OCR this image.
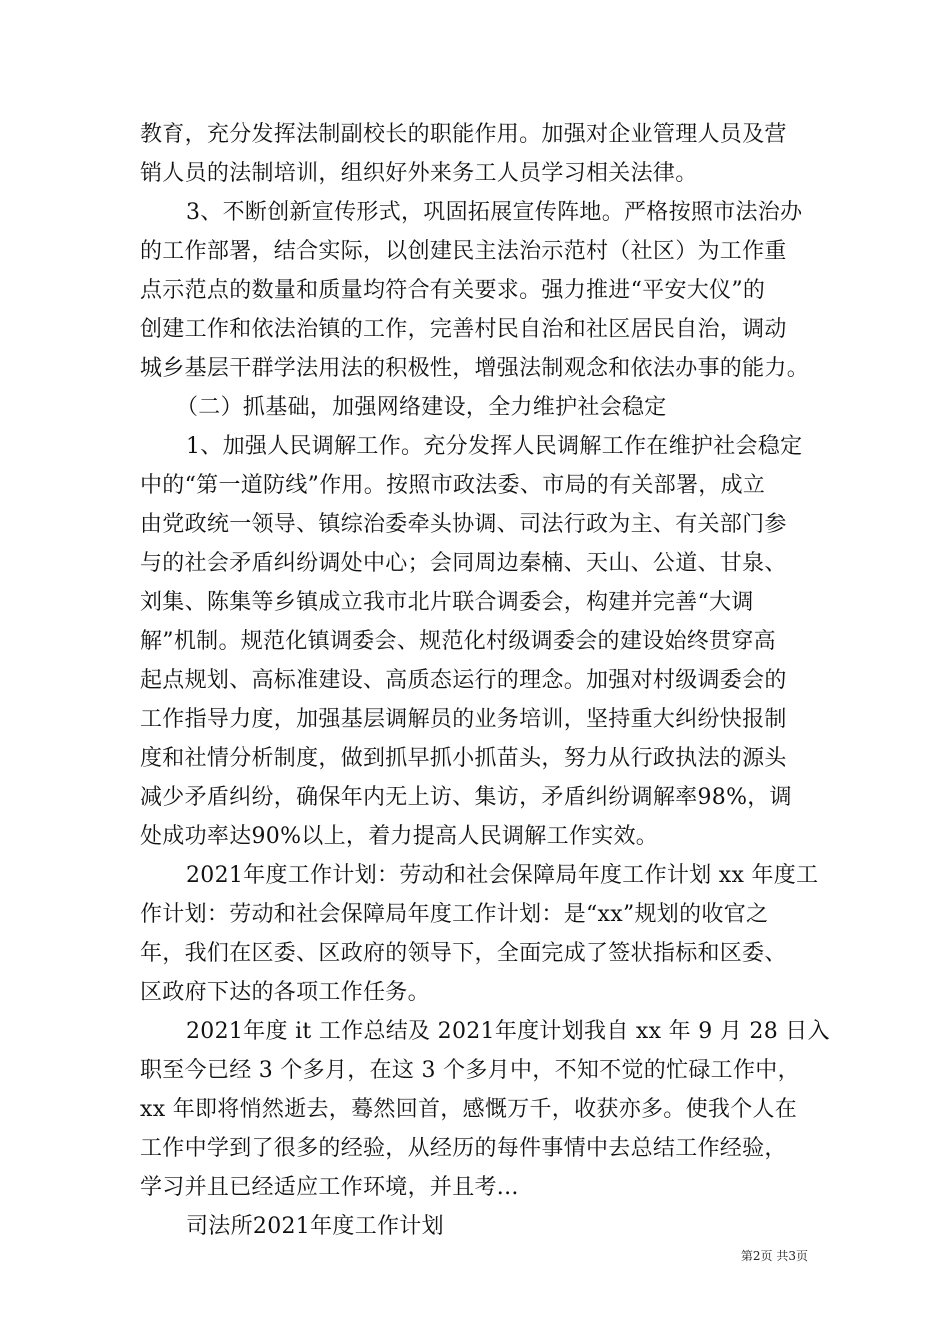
教育，充分发挥法制副校长的职能作用。加强对企业管理人员及营
销人员的法制培训，组织好外来务工人员学习相关法律。
3、不断创新宣传形式，巩固拓展宣传阵地。严格按照市法治办
的工作部署，结合实际，以创建民主法治示范村（社区）为工作重
点示范点的数量和质量均符合有关要求。强力推进“平安大仪”的
创建工作和依法治镇的工作，完善村民自治和社区居民自治，调动
城乡基层干群学法用法的积极性，增强法制观念和依法办事的能力。
（二）抓基础，加强网络建设，全力维护社会稳定
1、加强人民调解工作。充分发挥人民调解工作在维护社会稳定
中的“第一道防线”作用。按照市政法委、市局的有关部署，成立
由党政统一领导、镇综治委牵头协调、司法行政为主、有关部门参
与的社会矛盾纠纷调处中心；会同周边秦楠、天山、公道、甘泉、
刘集、陈集等乡镇成立我市北片联合调委会，构建并完善“大调
解”机制。规范化镇调委会、规范化村级调委会的建设始终贯穿高
起点规划、高标准建设、高质态运行的理念。加强对村级调委会的
工作指导力度，加强基层调解员的业务培训，坚持重大纠纷快报制
度和社情分析制度，做到抓早抓小抓苗头，努力从行政执法的源头
减少矛盾纠纷，确保年内无上访、集访，矛盾纠纷调解率98%，调
处成功率达90%以上，着力提高人民调解工作实效。
2021年度工作计划：劳动和社会保障局年度工作计划 xx 年度工
作计划：劳动和社会保障局年度工作计划：是“xx”规划的收官之
年，我们在区委、区政府的领导下，全面完成了签状指标和区委、
区政府下达的各项工作任务。
2021年度 it 工作总结及 2021年度计划我自 xx 年 9 月 28 日入
职至今已经 3 个多月，在这 3 个多月中，不知不觉的忙碌工作中，
xx 年即将悄然逝去，蓦然回首，感慨万千，收获亦多。使我个人在
工作中学到了很多的经验，从经历的每件事情中去总结工作经验，
学习并且已经适应工作环境，并且考...
司法所2021年度工作计划
第2页 共3页
